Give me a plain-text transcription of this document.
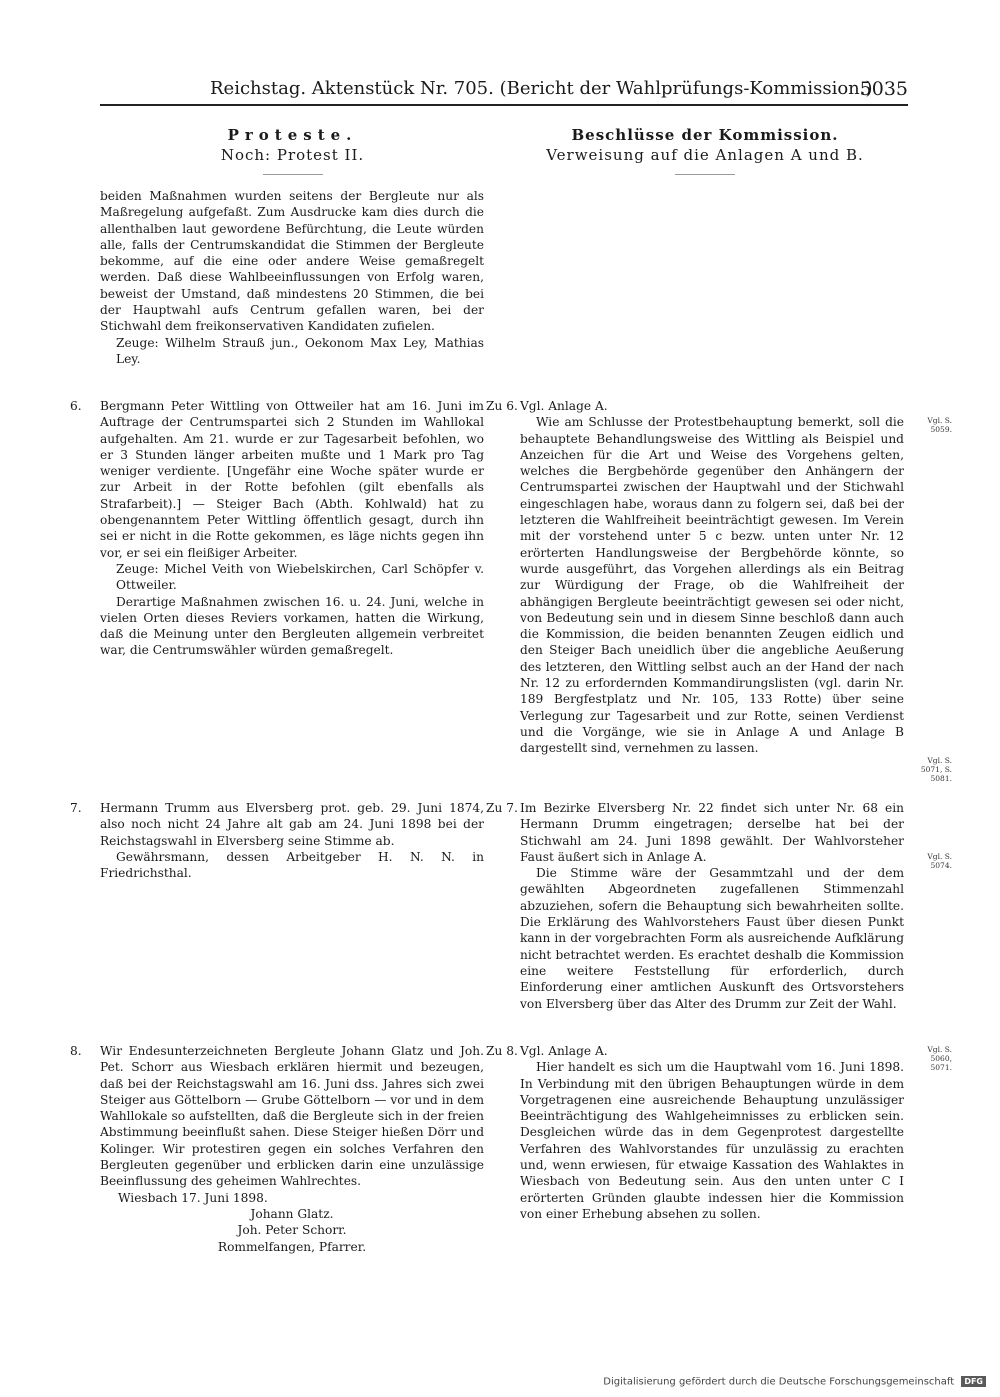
Reichstag. Aktenstück Nr. 705. (Bericht der Wahlprüfungs-Kommission.)
5035
Proteste.
Noch: Protest II.
Beschlüsse der Kommission.
Verweisung auf die Anlagen A und B.

beiden Maßnahmen wurden seitens der Bergleute nur als Maßregelung aufgefaßt. Zum Ausdrucke kam dies durch die allenthalben laut gewordene Befürchtung, die Leute würden alle, falls der Centrumskandidat die Stimmen der Bergleute bekomme, auf die eine oder andere Weise gemaßregelt werden. Daß diese Wahlbeeinflussungen von Erfolg waren, beweist der Umstand, daß mindestens 20 Stimmen, die bei der Hauptwahl aufs Centrum gefallen waren, bei der Stichwahl dem freikonservativen Kandidaten zufielen.

Zeuge: Wilhelm Strauß jun., Oekonom Max Ley, Mathias Ley.

6. Bergmann Peter Wittling von Ottweiler hat am 16. Juni im Auftrage der Centrumspartei sich 2 Stunden im Wahllokal aufgehalten. Am 21. wurde er zur Tagesarbeit befohlen, wo er 3 Stunden länger arbeiten mußte und 1 Mark pro Tag weniger verdiente. [Ungefähr eine Woche später wurde er zur Arbeit in der Rotte befohlen (gilt ebenfalls als Strafarbeit).] — Steiger Bach (Abth. Kohlwald) hat zu obengenanntem Peter Wittling öffentlich gesagt, durch ihn sei er nicht in die Rotte gekommen, es läge nichts gegen ihn vor, er sei ein fleißiger Arbeiter.

Zeuge: Michel Veith von Wiebelskirchen, Carl Schöpfer v. Ottweiler.

Derartige Maßnahmen zwischen 16. u. 24. Juni, welche in vielen Orten dieses Reviers vorkamen, hatten die Wirkung, daß die Meinung unter den Bergleuten allgemein verbreitet war, die Centrumswähler würden gemaßregelt.

7. Hermann Trumm aus Elversberg prot. geb. 29. Juni 1874, also noch nicht 24 Jahre alt gab am 24. Juni 1898 bei der Reichstagswahl in Elversberg seine Stimme ab.

Gewährsmann, dessen Arbeitgeber H. N. N. in Friedrichsthal.

8. Wir Endesunterzeichneten Bergleute Johann Glatz und Joh. Pet. Schorr aus Wiesbach erklären hiermit und bezeugen, daß bei der Reichstagswahl am 16. Juni dss. Jahres sich zwei Steiger aus Göttelborn — Grube Göttelborn — vor und in dem Wahllokale so aufstellten, daß die Bergleute sich in der freien Abstimmung beeinflußt sahen. Diese Steiger hießen Dörr und Kolinger. Wir protestiren gegen ein solches Verfahren den Bergleuten gegenüber und erblicken darin eine unzulässige Beeinflussung des geheimen Wahlrechtes.

Wiesbach 17. Juni 1898.

Johann Glatz.

Joh. Peter Schorr.

Rommelfangen, Pfarrer.

Zu 6. Vgl. Anlage A.

Wie am Schlusse der Protestbehauptung bemerkt, soll die behauptete Behandlungsweise des Wittling als Beispiel und Anzeichen für die Art und Weise des Vorgehens gelten, welches die Bergbehörde gegenüber den Anhängern der Centrumspartei zwischen der Hauptwahl und der Stichwahl eingeschlagen habe, woraus dann zu folgern sei, daß bei der letzteren die Wahlfreiheit beeinträchtigt gewesen. Im Verein mit der vorstehend unter 5 c bezw. unten unter Nr. 12 erörterten Handlungsweise der Bergbehörde könnte, so wurde ausgeführt, das Vorgehen allerdings als ein Beitrag zur Würdigung der Frage, ob die Wahlfreiheit der abhängigen Bergleute beeinträchtigt gewesen sei oder nicht, von Bedeutung sein und in diesem Sinne beschloß dann auch die Kommission, die beiden benannten Zeugen eidlich und den Steiger Bach uneidlich über die angebliche Aeußerung des letzteren, den Wittling selbst auch an der Hand der nach Nr. 12 zu erfordernden Kommandirungslisten (vgl. darin Nr. 189 Bergfestplatz und Nr. 105, 133 Rotte) über seine Verlegung zur Tagesarbeit und zur Rotte, seinen Verdienst und die Vorgänge, wie sie in Anlage A und Anlage B dargestellt sind, vernehmen zu lassen.

Vgl. S. 5059.
Vgl. S. 5071, S. 5081.
Zu 7. Im Bezirke Elversberg Nr. 22 findet sich unter Nr. 68 ein Hermann Drumm eingetragen; derselbe hat bei der Stichwahl am 24. Juni 1898 gewählt. Der Wahlvorsteher Faust äußert sich in Anlage A.

Die Stimme wäre der Gesammtzahl und der dem gewählten Abgeordneten zugefallenen Stimmenzahl abzuziehen, sofern die Behauptung sich bewahrheiten sollte. Die Erklärung des Wahlvorstehers Faust über diesen Punkt kann in der vorgebrachten Form als ausreichende Aufklärung nicht betrachtet werden. Es erachtet deshalb die Kommission eine weitere Feststellung für erforderlich, durch Einforderung einer amtlichen Auskunft des Ortsvorstehers von Elversberg über das Alter des Drumm zur Zeit der Wahl.

Vgl. S. 5074.
Zu 8. Vgl. Anlage A.

Hier handelt es sich um die Hauptwahl vom 16. Juni 1898. In Verbindung mit den übrigen Behauptungen würde in dem Vorgetragenen eine ausreichende Behauptung unzulässiger Beeinträchtigung des Wahlgeheimnisses zu erblicken sein. Desgleichen würde das in dem Gegenprotest dargestellte Verfahren des Wahlvorstandes für unzulässig zu erachten und, wenn erwiesen, für etwaige Kassation des Wahlaktes in Wiesbach von Bedeutung sein. Aus den unten unter C I erörterten Gründen glaubte indessen hier die Kommission von einer Erhebung absehen zu sollen.

Vgl. S. 5060, 5071.
Digitalisierung gefördert durch die Deutsche Forschungsgemeinschaft DFG
